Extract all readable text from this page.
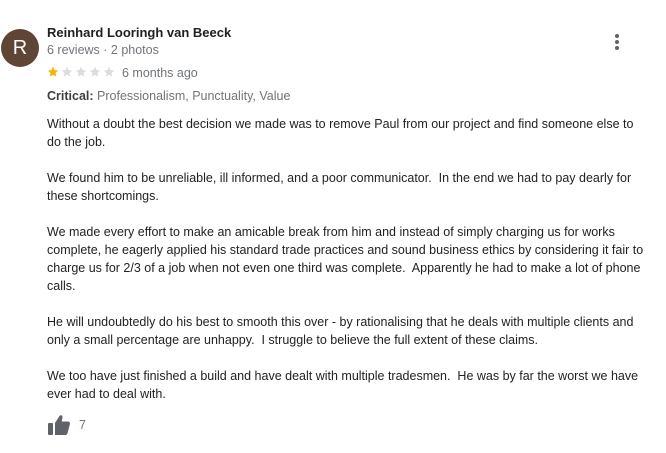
R
Reinhard Looringh van Beeck
6 reviews · 2 photos
6 months ago
Critical: Professionalism, Punctuality, Value

Without a doubt the best decision we made was to remove Paul from our project and find someone else to do the job.

We found him to be unreliable, ill informed, and a poor communicator.  In the end we had to pay dearly for these shortcomings.

We made every effort to make an amicable break from him and instead of simply charging us for works complete, he eagerly applied his standard trade practices and sound business ethics by considering it fair to charge us for 2/3 of a job when not even one third was complete.  Apparently he had to make a lot of phone calls.

He will undoubtedly do his best to smooth this over - by rationalising that he deals with multiple clients and only a small percentage are unhappy.  I struggle to believe the full extent of these claims.

We too have just finished a build and have dealt with multiple tradesmen.  He was by far the worst we have ever had to deal with.

7
